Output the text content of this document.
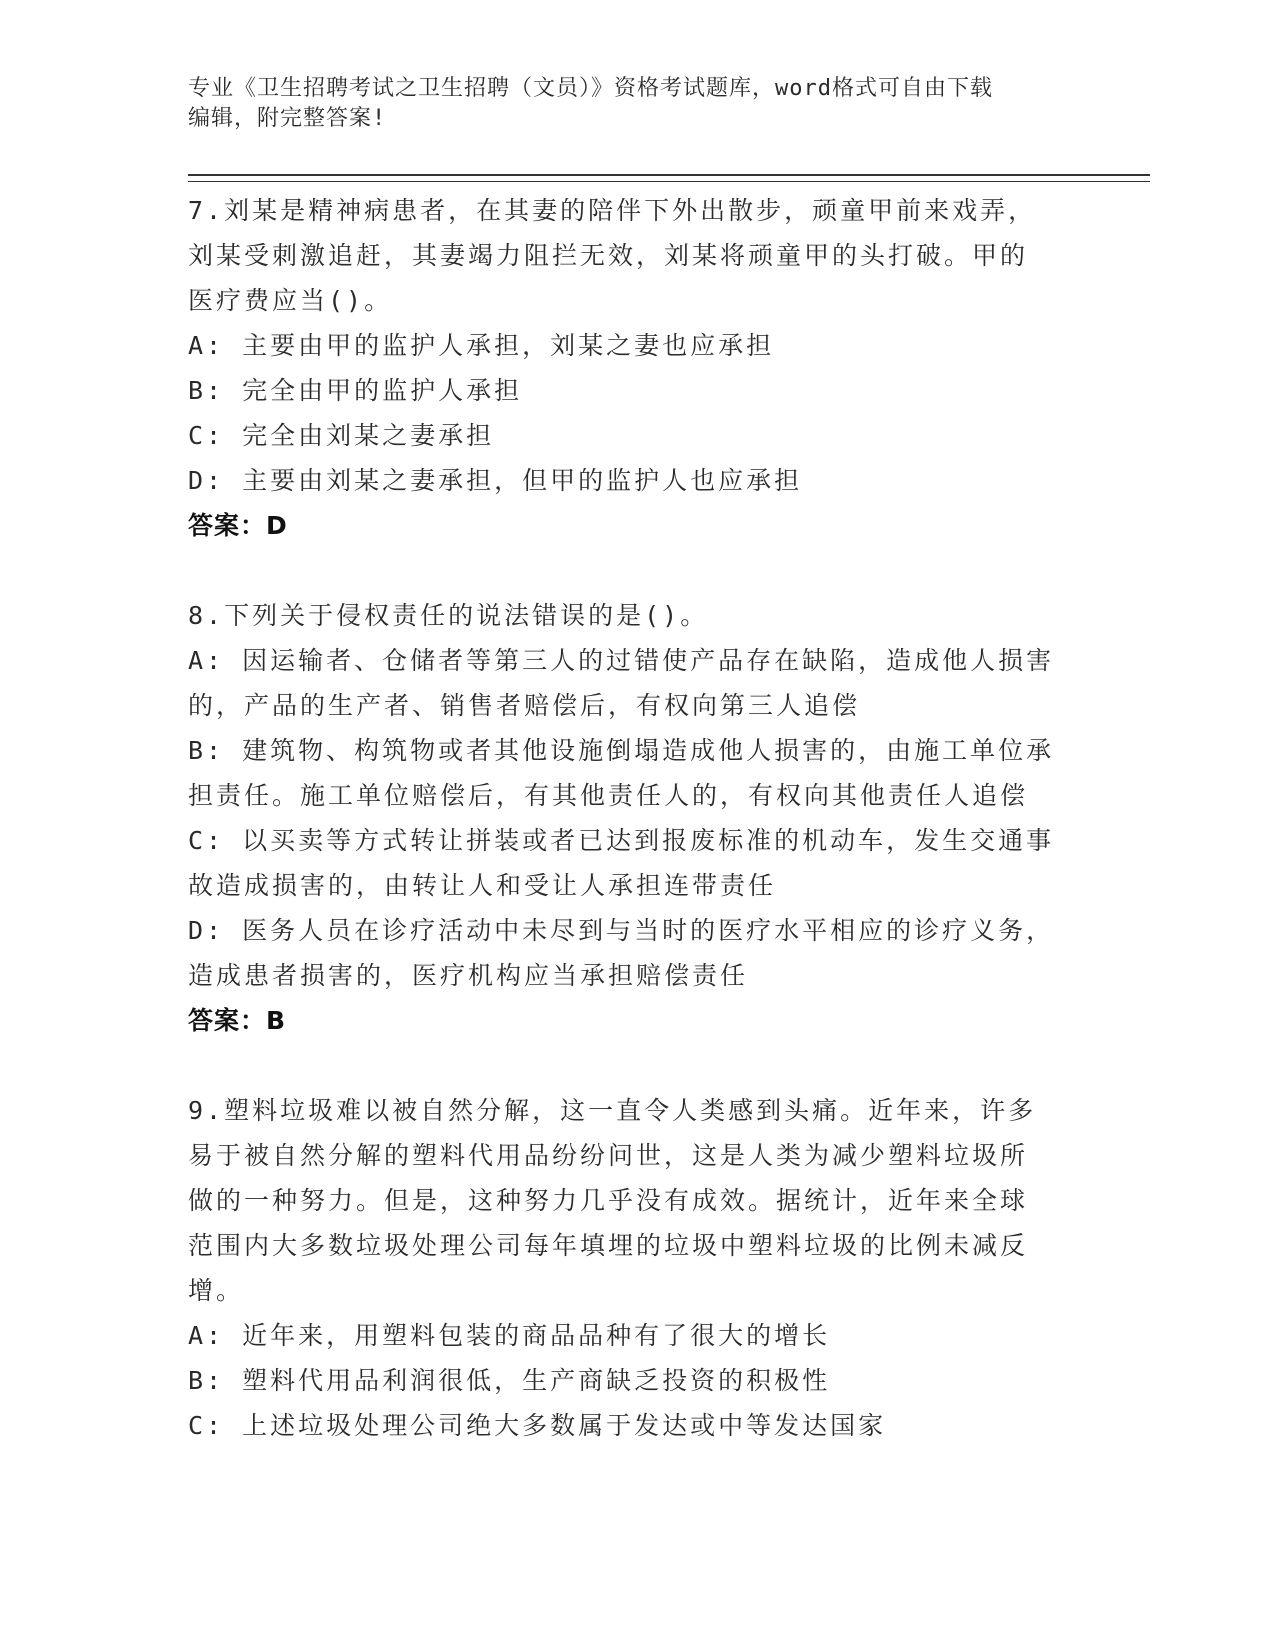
专业《卫生招聘考试之卫生招聘（文员）》资格考试题库，word格式可自由下载
编辑，附完整答案!
7.刘某是精神病患者，在其妻的陪伴下外出散步，顽童甲前来戏弄，
刘某受刺激追赶，其妻竭力阻拦无效，刘某将顽童甲的头打破。甲的
医疗费应当()。
A: 主要由甲的监护人承担，刘某之妻也应承担
B: 完全由甲的监护人承担
C: 完全由刘某之妻承担
D: 主要由刘某之妻承担，但甲的监护人也应承担
答案：D
8.下列关于侵权责任的说法错误的是()。
A: 因运输者、仓储者等第三人的过错使产品存在缺陷，造成他人损害
的，产品的生产者、销售者赔偿后，有权向第三人追偿
B: 建筑物、构筑物或者其他设施倒塌造成他人损害的，由施工单位承
担责任。施工单位赔偿后，有其他责任人的，有权向其他责任人追偿
C: 以买卖等方式转让拼装或者已达到报废标准的机动车，发生交通事
故造成损害的，由转让人和受让人承担连带责任
D: 医务人员在诊疗活动中未尽到与当时的医疗水平相应的诊疗义务，
造成患者损害的，医疗机构应当承担赔偿责任
答案：B
9.塑料垃圾难以被自然分解，这一直令人类感到头痛。近年来，许多
易于被自然分解的塑料代用品纷纷问世，这是人类为减少塑料垃圾所
做的一种努力。但是，这种努力几乎没有成效。据统计，近年来全球
范围内大多数垃圾处理公司每年填埋的垃圾中塑料垃圾的比例未减反
增。
A: 近年来，用塑料包装的商品品种有了很大的增长
B: 塑料代用品利润很低，生产商缺乏投资的积极性
C: 上述垃圾处理公司绝大多数属于发达或中等发达国家
